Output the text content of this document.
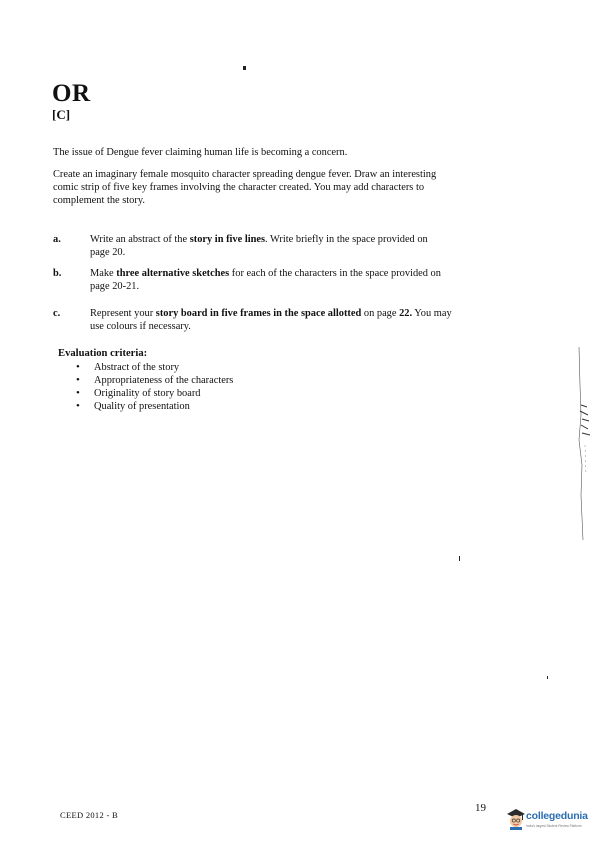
OR
[C]
The issue of Dengue fever claiming human life is becoming a concern.
Create an imaginary female mosquito character spreading dengue fever. Draw an interesting
comic strip of five key frames involving the character created. You may add characters to
complement the story.
a.	Write an abstract of the story in five lines. Write briefly in the space provided on
page 20.
b.	Make three alternative sketches for each of the characters in the space provided on
page 20-21.
c.	Represent your story board in five frames in the space allotted on page 22. You may
use colours if necessary.
Evaluation criteria:
• Abstract of the story
• Appropriateness of the characters
• Originality of story board
• Quality of presentation
CEED 2012 - B
19
collegedunia
India's largest Student Review Platform
